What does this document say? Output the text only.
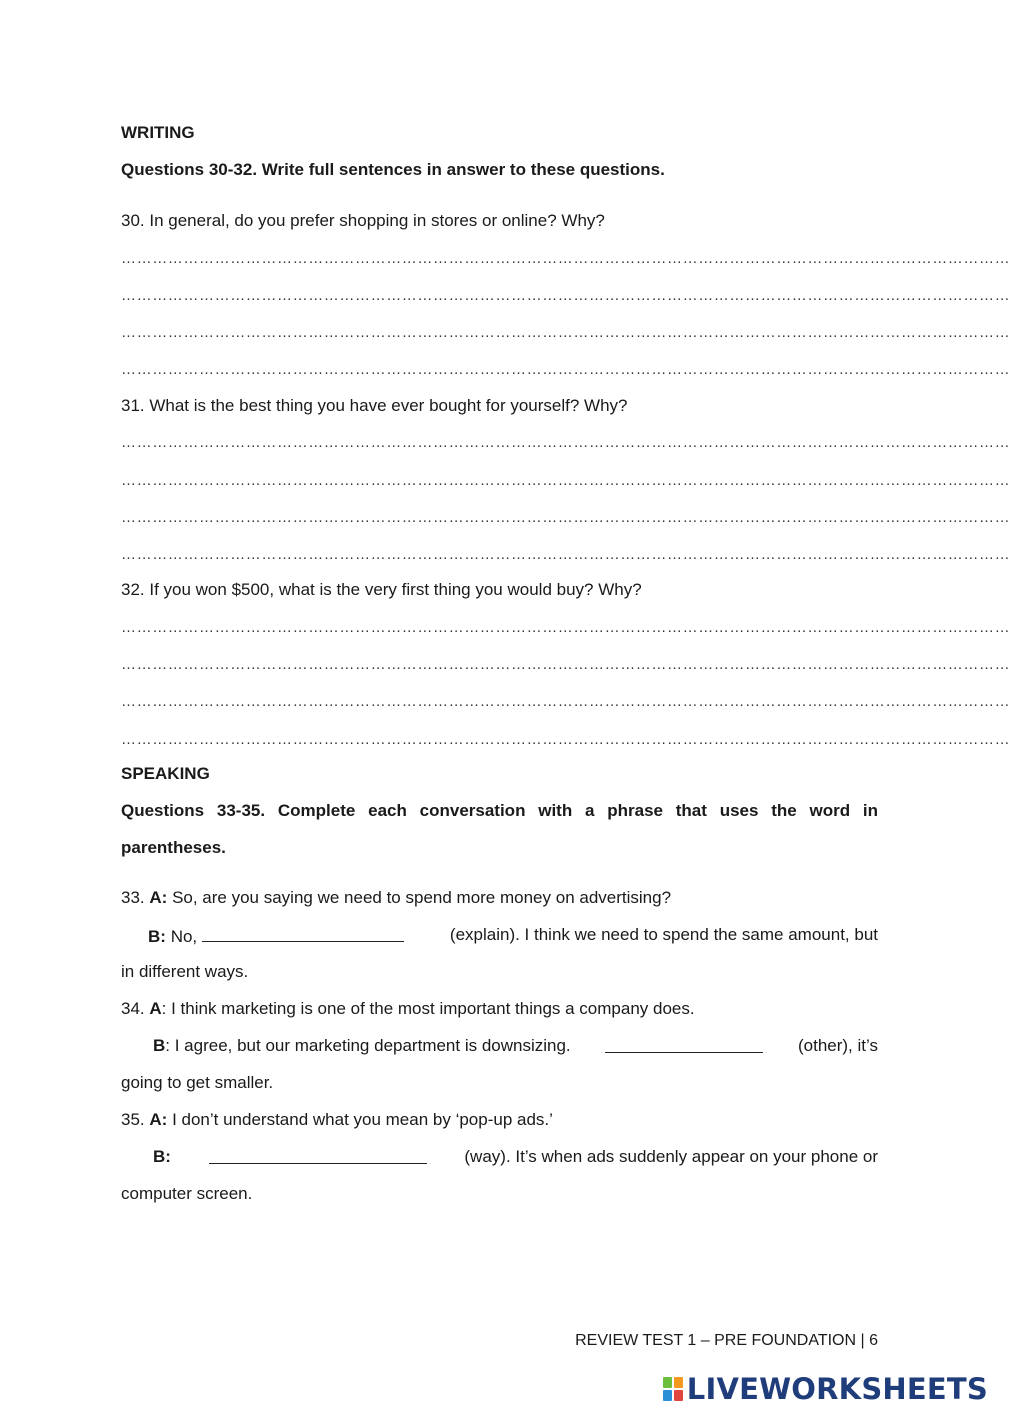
WRITING
Questions 30-32. Write full sentences in answer to these questions.
30. In general, do you prefer shopping in stores or online? Why?
………………………………………………………………………………………………………………………………………………………
………………………………………………………………………………………………………………………………………………………
………………………………………………………………………………………………………………………………………………………
………………………………………………………………………………………………………………………………………………………
31. What is the best thing you have ever bought for yourself? Why?
………………………………………………………………………………………………………………………………………………………
………………………………………………………………………………………………………………………………………………………
………………………………………………………………………………………………………………………………………………………
………………………………………………………………………………………………………………………………………………………
32. If you won $500, what is the very first thing you would buy? Why?
………………………………………………………………………………………………………………………………………………………
………………………………………………………………………………………………………………………………………………………
………………………………………………………………………………………………………………………………………………………
………………………………………………………………………………………………………………………………………………………
SPEAKING
Questions 33-35. Complete each conversation with a phrase that uses the word in
parentheses.
33. A: So, are you saying we need to spend more money on advertising?
B: No,	(explain). I think we need to spend the same amount, but
in different ways.
34. A: I think marketing is one of the most important things a company does.
B: I agree, but our marketing department is downsizing.	(other), it’s
going to get smaller.
35. A: I don’t understand what you mean by ‘pop-up ads.’
B:	(way). It’s when ads suddenly appear on your phone or
computer screen.
REVIEW TEST 1 – PRE FOUNDATION | 6
LIVEWORKSHEETS
